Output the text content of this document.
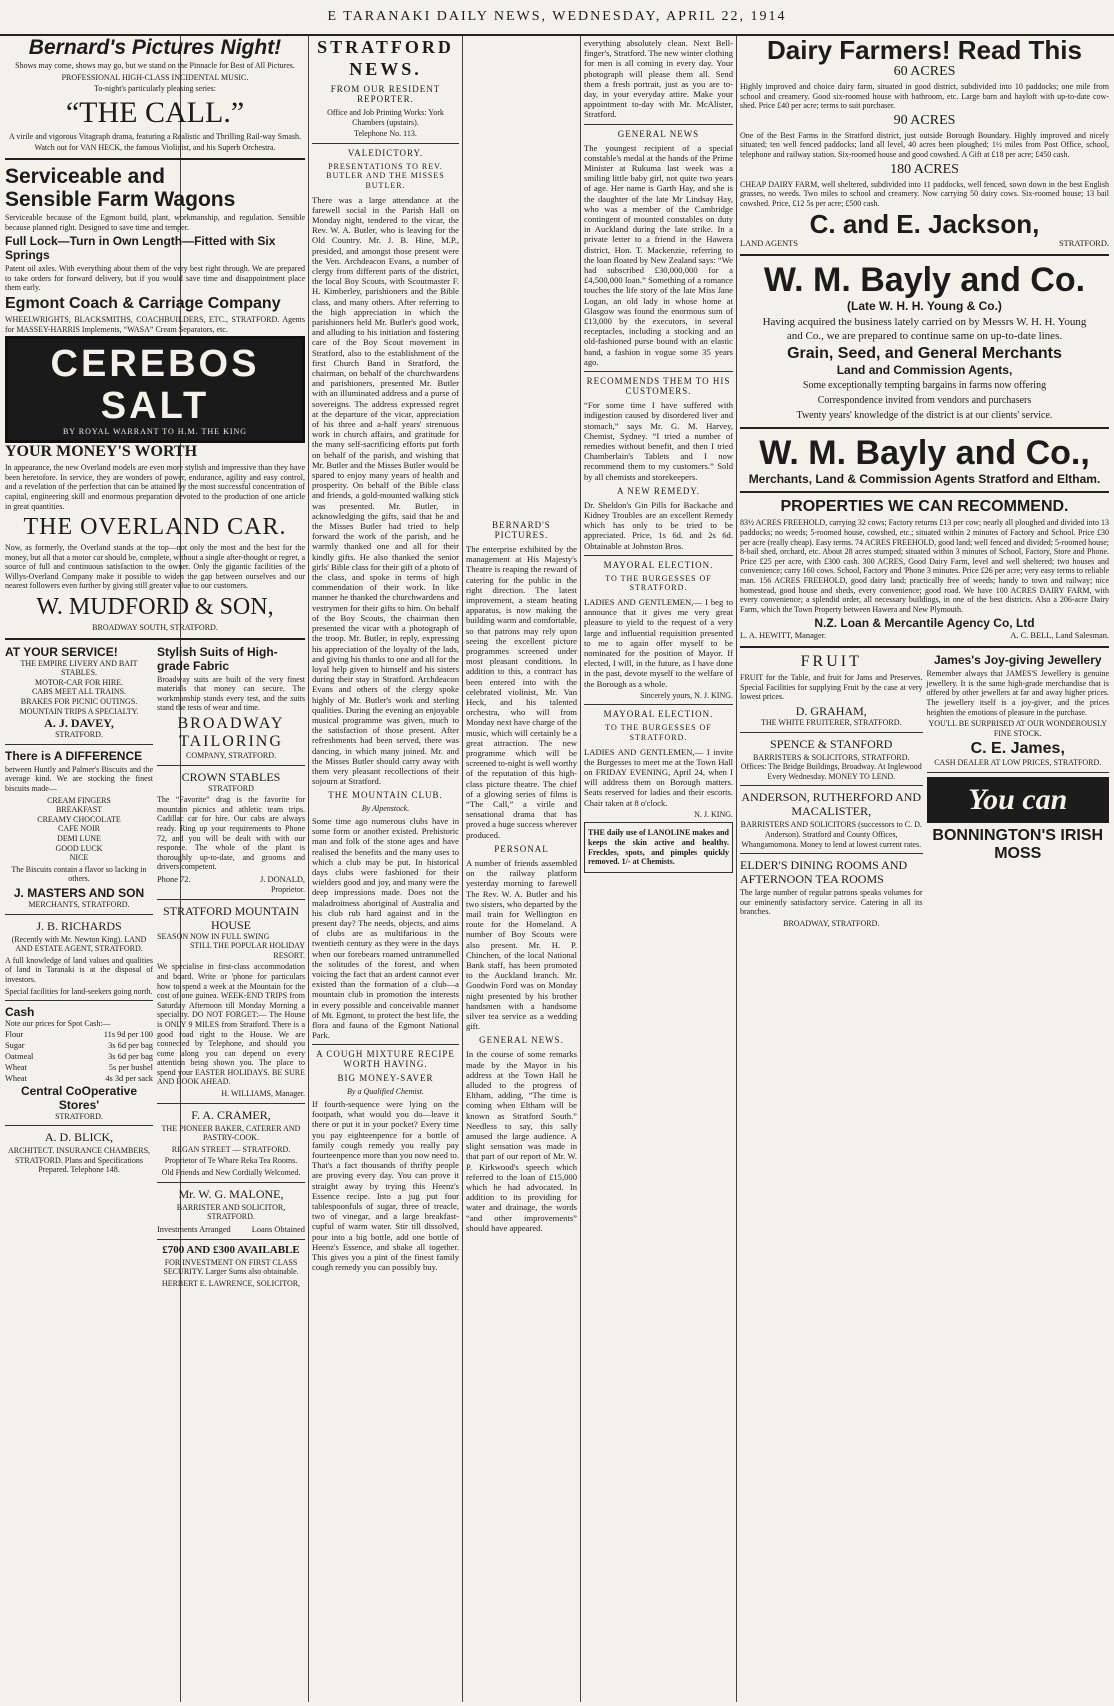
E TARANAKI DAILY NEWS, WEDNESDAY, APRIL 22, 1914
Bernard's Pictures Night!

Shows may come, shows may go, but we stand on the Pinnacle for Best of All Pictures.

PROFESSIONAL HIGH-CLASS INCIDENTAL MUSIC.

To-night's particularly pleasing series:

“THE CALL.”

A virile and vigorous Vitagraph drama, featuring a Realistic and Thrilling Rail-way Smash.

Watch out for VAN HECK, the famous Violinist, and his Superb Orchestra.

Serviceable and
Sensible Farm Wagons

Serviceable because of the Egmont build, plant, workmanship, and regulation. Sensible because planned right. Designed to save time and temper.

Full Lock—Turn in Own Length—Fitted with Six Springs

Patent oil axles. With everything about them of the very best right through. We are prepared to take orders for forward delivery, but if you would save time and disappointment place them early.

Egmont Coach & Carriage Company

WHEELWRIGHTS, BLACKSMITHS, COACHBUILDERS, ETC., STRATFORD. Agents for MASSEY-HARRIS Implements, “WASA” Cream Separators, etc.

CEREBOS SALT
BY ROYAL WARRANT TO H.M. THE KING
YOUR MONEY'S WORTH

In appearance, the new Overland models are even more stylish and impressive than they have been heretofore. In service, they are wonders of power, endurance, agility and easy control, and a revelation of the perfection that can be attained by the most successful concentration of capital, engineering skill and enormous preparation devoted to the production of one article in great quantities.

THE OVERLAND CAR.

Now, as formerly, the Overland stands at the top—not only the most and the best for the money, but all that a motor car should be, complete, without a single after-thought or regret, a source of full and continuous satisfaction to the owner. Only the gigantic facilities of the Willys-Overland Company make it possible to widen the gap between ourselves and our nearest followers even further by giving still greater value to our customers.

W. MUDFORD & SON,

BROADWAY SOUTH, STRATFORD.

AT YOUR SERVICE!
THE EMPIRE LIVERY AND BAIT STABLES.
MOTOR-CAR FOR HIRE.
CABS MEET ALL TRAINS.
BRAKES FOR PICNIC OUTINGS.
MOUNTAIN TRIPS A SPECIALTY.
A. J. DAVEY,
STRATFORD.
There is A DIFFERENCE

between Huntly and Palmer's Biscuits and the average kind. We are stocking the finest biscuits made—

CREAM FINGERS
BREAKFAST
CREAMY CHOCOLATE
CAFE NOIR
DEMI LUNE
GOOD LUCK
NICE

The Biscuits contain a flavor so lacking in others.

J. MASTERS AND SON
MERCHANTS, STRATFORD.
J. B. RICHARDS

(Recently with Mr. Newton King). LAND AND ESTATE AGENT, STRATFORD.

A full knowledge of land values and qualities of land in Taranaki is at the disposal of investors.

Special facilities for land-seekers going north.

Cash
Note our prices for Spot Cash:—
Flour	11s 9d per 100
Sugar	3s 6d per bag
Oatmeal	3s 6d per bag
Wheat	5s per bushel
Wheat	4s 3d per sack
Central CoOperative Stores'
STRATFORD.
A. D. BLICK,

ARCHITECT. INSURANCE CHAMBERS, STRATFORD. Plans and Specifications Prepared. Telephone 148.

Stylish Suits of High-grade Fabric

Broadway suits are built of the very finest materials that money can secure. The workmanship stands every test, and the suits stand the tests of wear and time.

BROADWAY TAILORING
COMPANY, STRATFORD.
CROWN STABLES
STRATFORD

The “Favorite” drag is the favorite for mountain picnics and athletic team trips. Cadillac car for hire. Our cabs are always ready. Ring up your requirements to Phone 72, and you will be dealt with with our response. The whole of the plant is thoroughly up-to-date, and grooms and drivers competent.

Phone 72.	J. DONALD,
Proprietor.
STRATFORD MOUNTAIN HOUSE
SEASON NOW IN FULL SWING
STILL THE POPULAR HOLIDAY RESORT.

We specialise in first-class accommodation and board. Write or 'phone for particulars how to spend a week at the Mountain for the cost of one guinea. WEEK-END TRIPS from Saturday Afternoon till Monday Morning a speciality. DO NOT FORGET:— The House is ONLY 9 MILES from Stratford. There is a good road right to the House. We are connected by Telephone, and should you come along you can depend on every attention being shown you. The place to spend your EASTER HOLIDAYS. BE SURE AND BOOK AHEAD.

H. WILLIAMS, Manager.
F. A. CRAMER,

THE PIONEER BAKER, CATERER AND PASTRY-COOK.

REGAN STREET — STRATFORD.

Proprietor of Te Whare Reka Tea Rooms.

Old Friends and New Cordially Welcomed.

Mr. W. G. MALONE,

BARRISTER AND SOLICITOR, STRATFORD.

Investments Arranged	Loans Obtained
£700 AND £300 AVAILABLE

FOR INVESTMENT ON FIRST CLASS SECURITY. Larger Sums also obtainable.

HERBERT E. LAWRENCE, SOLICITOR,

STRATFORD NEWS.
FROM OUR RESIDENT REPORTER.

Office and Job Printing Works: York Chambers (upstairs).

Telephone No. 113.

VALEDICTORY.
PRESENTATIONS TO REV. BUTLER AND THE MISSES BUTLER.

There was a large attendance at the farewell social in the Parish Hall on Monday night, tendered to the vicar, the Rev. W. A. Butler, who is leaving for the Old Country. Mr. J. B. Hine, M.P., presided, and amongst those present were the Ven. Archdeacon Evans, a number of clergy from different parts of the district, the local Boy Scouts, with Scoutmaster F. H. Kimberley, parishioners and the Bible class, and many others. After referring to the high appreciation in which the parishioners held Mr. Butler's good work, and alluding to his initiation and fostering care of the Boy Scout movement in Stratford, also to the establishment of the first Church Band in Stratford, the chairman, on behalf of the churchwardens and parishioners, presented Mr. Butler with an illuminated address and a purse of sovereigns. The address expressed regret at the departure of the vicar, appreciation of his three and a-half years' strenuous work in church affairs, and gratitude for the many self-sacrificing efforts put forth on behalf of the parish, and wishing that Mr. Butler and the Misses Butler would be spared to enjoy many years of health and prosperity. On behalf of the Bible class and friends, a gold-mounted walking stick was presented. Mr. Butler, in acknowledging the gifts, said that he and the Misses Butler had tried to help forward the work of the parish, and he warmly thanked one and all for their kindly gifts. He also thanked the senior girls' Bible class for their gift of a photo of the class, and spoke in terms of high commendation of their work. In like manner he thanked the churchwardens and vestrymen for their gifts to him. On behalf of the Boy Scouts, the chairman then presented the vicar with a photograph of the troop. Mr. Butler, in reply, expressing his appreciation of the loyalty of the lads, and giving his thanks to one and all for the loyal help given to himself and his sisters during their stay in Stratford. Archdeacon Evans and others of the clergy spoke highly of Mr. Butler's work and sterling qualities. During the evening an enjoyable musical programme was given, much to the satisfaction of those present. After refreshments had been served, there was dancing, in which many joined. Mr. and the Misses Butler should carry away with them very pleasant recollections of their sojourn at Stratford.

THE MOUNTAIN CLUB.
By Alpenstock.

Some time ago numerous clubs have in some form or another existed. Prehistoric man and folk of the stone ages and have realised the benefits and the many uses to which a club may be put. In historical days clubs were fashioned for their wielders good and joy, and many were the deep impressions made. Does not the maladroitness aboriginal of Australia and his club rub hard against and in the present day? The needs, objects, and aims of clubs are as multifarious in the twentieth century as they were in the days when our forebears roamed untrammelled the solitudes of the forest, and when voicing the fact that an ardent cannot ever existed than the formation of a club—a mountain club in promotion the interests in every possible and conceivable manner of Mt. Egmont, to protect the best life, the flora and fauna of the Egmont National Park.

A COUGH MIXTURE RECIPE WORTH HAVING.
BIG MONEY-SAVER
By a Qualified Chemist.

If fourth-sequence were lying on the footpath, what would you do—leave it there or put it in your pocket? Every time you pay eighteenpence for a bottle of family cough remedy you really pay fourteenpence more than you now need to. That's a fact thousands of thrifty people are proving every day. You can prove it straight away by trying this Heenz's Essence recipe. Into a jug put four tablespoonfuls of sugar, three of treacle, two of vinegar, and a large breakfast-cupful of warm water. Stir till dissolved, pour into a big bottle, add one bottle of Heenz's Essence, and shake all together. This gives you a pint of the finest family cough remedy you can possibly buy.

BERNARD'S PICTURES.

The enterprise exhibited by the management at His Majesty's Theatre is reaping the reward of catering for the public in the right direction. The latest improvement, a steam heating apparatus, is now making the building warm and comfortable, so that patrons may rely upon seeing the excellent picture programmes screened under most pleasant conditions. In addition to this, a contract has been entered into with the celebrated violinist, Mr. Van Heck, and his talented orchestra, who will from Monday next have charge of the music, which will certainly be a great attraction. The new programme which will be screened to-night is well worthy of the reputation of this high-class picture theatre. The chief of a glowing series of films is “The Call,” a virile and sensational drama that has proved a huge success wherever produced.

PERSONAL

A number of friends assembled on the railway platform yesterday morning to farewell The Rev. W. A. Butler and his two sisters, who departed by the mail train for Wellington en route for the Homeland. A number of Boy Scouts were also present. Mr. H. P. Chinchen, of the local National Bank staff, has been promoted to the Auckland branch. Mr. Goodwin Ford was on Monday night presented by his brother handsmen with a handsome silver tea service as a wedding gift.

GENERAL NEWS.

In the course of some remarks made by the Mayor in his address at the Town Hall he alluded to the progress of Eltham, adding, “The time is coming when Eltham will be known as Stratford South.” Needless to say, this sally amused the large audience. A slight sensation was made in that part of our report of Mr. W. P. Kirkwood's speech which referred to the loan of £15,000 which he had advocated. In addition to its providing for water and drainage, the words “and other improvements” should have appeared.

everything absolutely clean. Next Bell-finger's, Stratford. The new winter clothing for men is all coming in every day. Your photograph will please them all. Send them a fresh portrait, just as you are to-day, in your everyday attire. Make your appointment to-day with Mr. McAlister, Stratford.

GENERAL NEWS

The youngest recipient of a special constable's medal at the hands of the Prime Minister at Rukuma last week was a smiling little baby girl, not quite two years of age. Her name is Garth Hay, and she is the daughter of the late Mr Lindsay Hay, who was a member of the Cambridge contingent of mounted constables on duty in Auckland during the late strike. In a private letter to a friend in the Hawera district, Hon. T. Mackenzie, referring to the loan floated by New Zealand says: “We had subscribed £30,000,000 for a £4,500,000 loan.” Something of a romance touches the life story of the late Miss Jane Logan, an old lady in whose home at Glasgow was found the enormous sum of £13,000 by the executors, in several receptacles, including a stocking and an old-fashioned purse bound with an elastic band, a fashion in vogue some 35 years ago.

RECOMMENDS THEM TO HIS CUSTOMERS.

“For some time I have suffered with indigestion caused by disordered liver and stomach,” says Mr. G. M. Harvey, Chemist, Sydney. “I tried a number of remedies without benefit, and then I tried Chamberlain's Tablets and I now recommend them to my customers.” Sold by all chemists and storekeepers.

A NEW REMEDY.

Dr. Sheldon's Gin Pills for Backache and Kidney Troubles are an excellent Remedy which has only to be tried to be appreciated. Price, 1s 6d. and 2s 6d. Obtainable at Johnston Bros.

MAYORAL ELECTION.
TO THE BURGESSES OF STRATFORD.

LADIES AND GENTLEMEN,— I beg to announce that it gives me very great pleasure to yield to the request of a very large and influential requisition presented to me to again offer myself to be nominated for the position of Mayor. If elected, I will, in the future, as I have done in the past, devote myself to the welfare of the Borough as a whole.

Sincerely yours, N. J. KING.

MAYORAL ELECTION.
TO THE BURGESSES OF STRATFORD.

LADIES AND GENTLEMEN,— I invite the Burgesses to meet me at the Town Hall on FRIDAY EVENING, April 24, when I will address them on Borough matters. Seats reserved for ladies and their escorts. Chair taken at 8 o'clock.

N. J. KING.

THE daily use of LANOLINE makes and keeps the skin active and healthy. Freckles, spots, and pimples quickly removed. 1/- at Chemists.

Dairy Farmers! Read This
60 ACRES

Highly improved and choice dairy farm, situated in good district, subdivided into 10 paddocks; one mile from school and creamery. Good six-roomed house with bathroom, etc. Large barn and hayloft with up-to-date cow-shed. Price £40 per acre; terms to suit purchaser.

90 ACRES

One of the Best Farms in the Stratford district, just outside Borough Boundary. Highly improved and nicely situated; ten well fenced paddocks; land all level, 40 acres been ploughed; 1½ miles from Post Office, school, telephone and railway station. Six-roomed house and good cowshed. A Gift at £18 per acre; £450 cash.

180 ACRES

CHEAP DAIRY FARM, well sheltered, subdivided into 11 paddocks, well fenced, sown down in the best English grasses, no weeds. Two miles to school and creamery. Now carrying 50 dairy cows. Six-roomed house; 13 bail cowshed. Price, £12 5s per acre; £500 cash.

C. and E. Jackson,
LAND AGENTS	STRATFORD.
W. M. Bayly and Co.
(Late W. H. H. Young & Co.)

Having acquired the business lately carried on by Messrs W. H. H. Young and Co., we are prepared to continue same on up-to-date lines.

Grain, Seed, and General Merchants
Land and Commission Agents,

Some exceptionally tempting bargains in farms now offering

Correspondence invited from vendors and purchasers

Twenty years' knowledge of the district is at our clients' service.

W. M. Bayly and Co.,
Merchants, Land & Commission Agents Stratford and Eltham.
PROPERTIES WE CAN RECOMMEND.

83½ ACRES FREEHOLD, carrying 32 cows; Factory returns £13 per cow; nearly all ploughed and divided into 13 paddocks; no weeds; 5-roomed house, cowshed, etc.; situated within 2 minutes of Factory and School. Price £30 per acre (really cheap). Easy terms. 74 ACRES FREEHOLD, good land; well fenced and divided; 5-roomed house; 8-bail shed, orchard, etc. About 28 acres stumped; situated within 3 minutes of School, Factory, Store and Phone. Price £25 per acre, with £300 cash. 300 ACRES, Good Dairy Farm, level and well sheltered; two houses and convenience; carry 160 cows. School, Factory and 'Phone 3 minutes. Price £26 per acre; very easy terms to reliable man. 156 ACRES FREEHOLD, good dairy land; practically free of weeds; handy to town and railway; nice homestead, good house and sheds, every convenience; good road. We have 100 ACRES DAIRY FARM, with every convenience; a splendid order, all necessary buildings, in one of the best districts. Also a 206-acre Dairy Farm, which the Town Property between Hawera and New Plymouth.

N.Z. Loan & Mercantile Agency Co, Ltd
L. A. HEWITT, Manager.	A. C. BELL, Land Salesman.
FRUIT

FRUIT for the Table, and fruit for Jams and Preserves. Special Facilities for supplying Fruit by the case at very lowest prices.

D. GRAHAM,
THE WHITE FRUITERER, STRATFORD.
SPENCE & STANFORD

BARRISTERS & SOLICITORS, STRATFORD. Offices: The Bridge Buildings, Broadway. At Inglewood Every Wednesday. MONEY TO LEND.

ANDERSON, RUTHERFORD AND MACALISTER,

BARRISTERS AND SOLICITORS (successors to C. D. Anderson). Stratford and County Offices, Whangamomona. Money to lend at lowest current rates.

ELDER'S DINING ROOMS AND AFTERNOON TEA ROOMS

The large number of regular patrons speaks volumes for our eminently satisfactory service. Catering in all its branches.

BROADWAY, STRATFORD.
James's Joy-giving Jewellery

Remember always that JAMES'S Jewellery is genuine jewellery. It is the same high-grade merchandise that is offered by other jewellers at far and away higher prices. The jewellery itself is a joy-giver, and the prices heighten the emotions of pleasure in the purchase.

YOU'LL BE SURPRISED AT OUR WONDEROUSLY FINE STOCK.

C. E. James,
CASH DEALER AT LOW PRICES, STRATFORD.
You can
BONNINGTON'S IRISH MOSS
